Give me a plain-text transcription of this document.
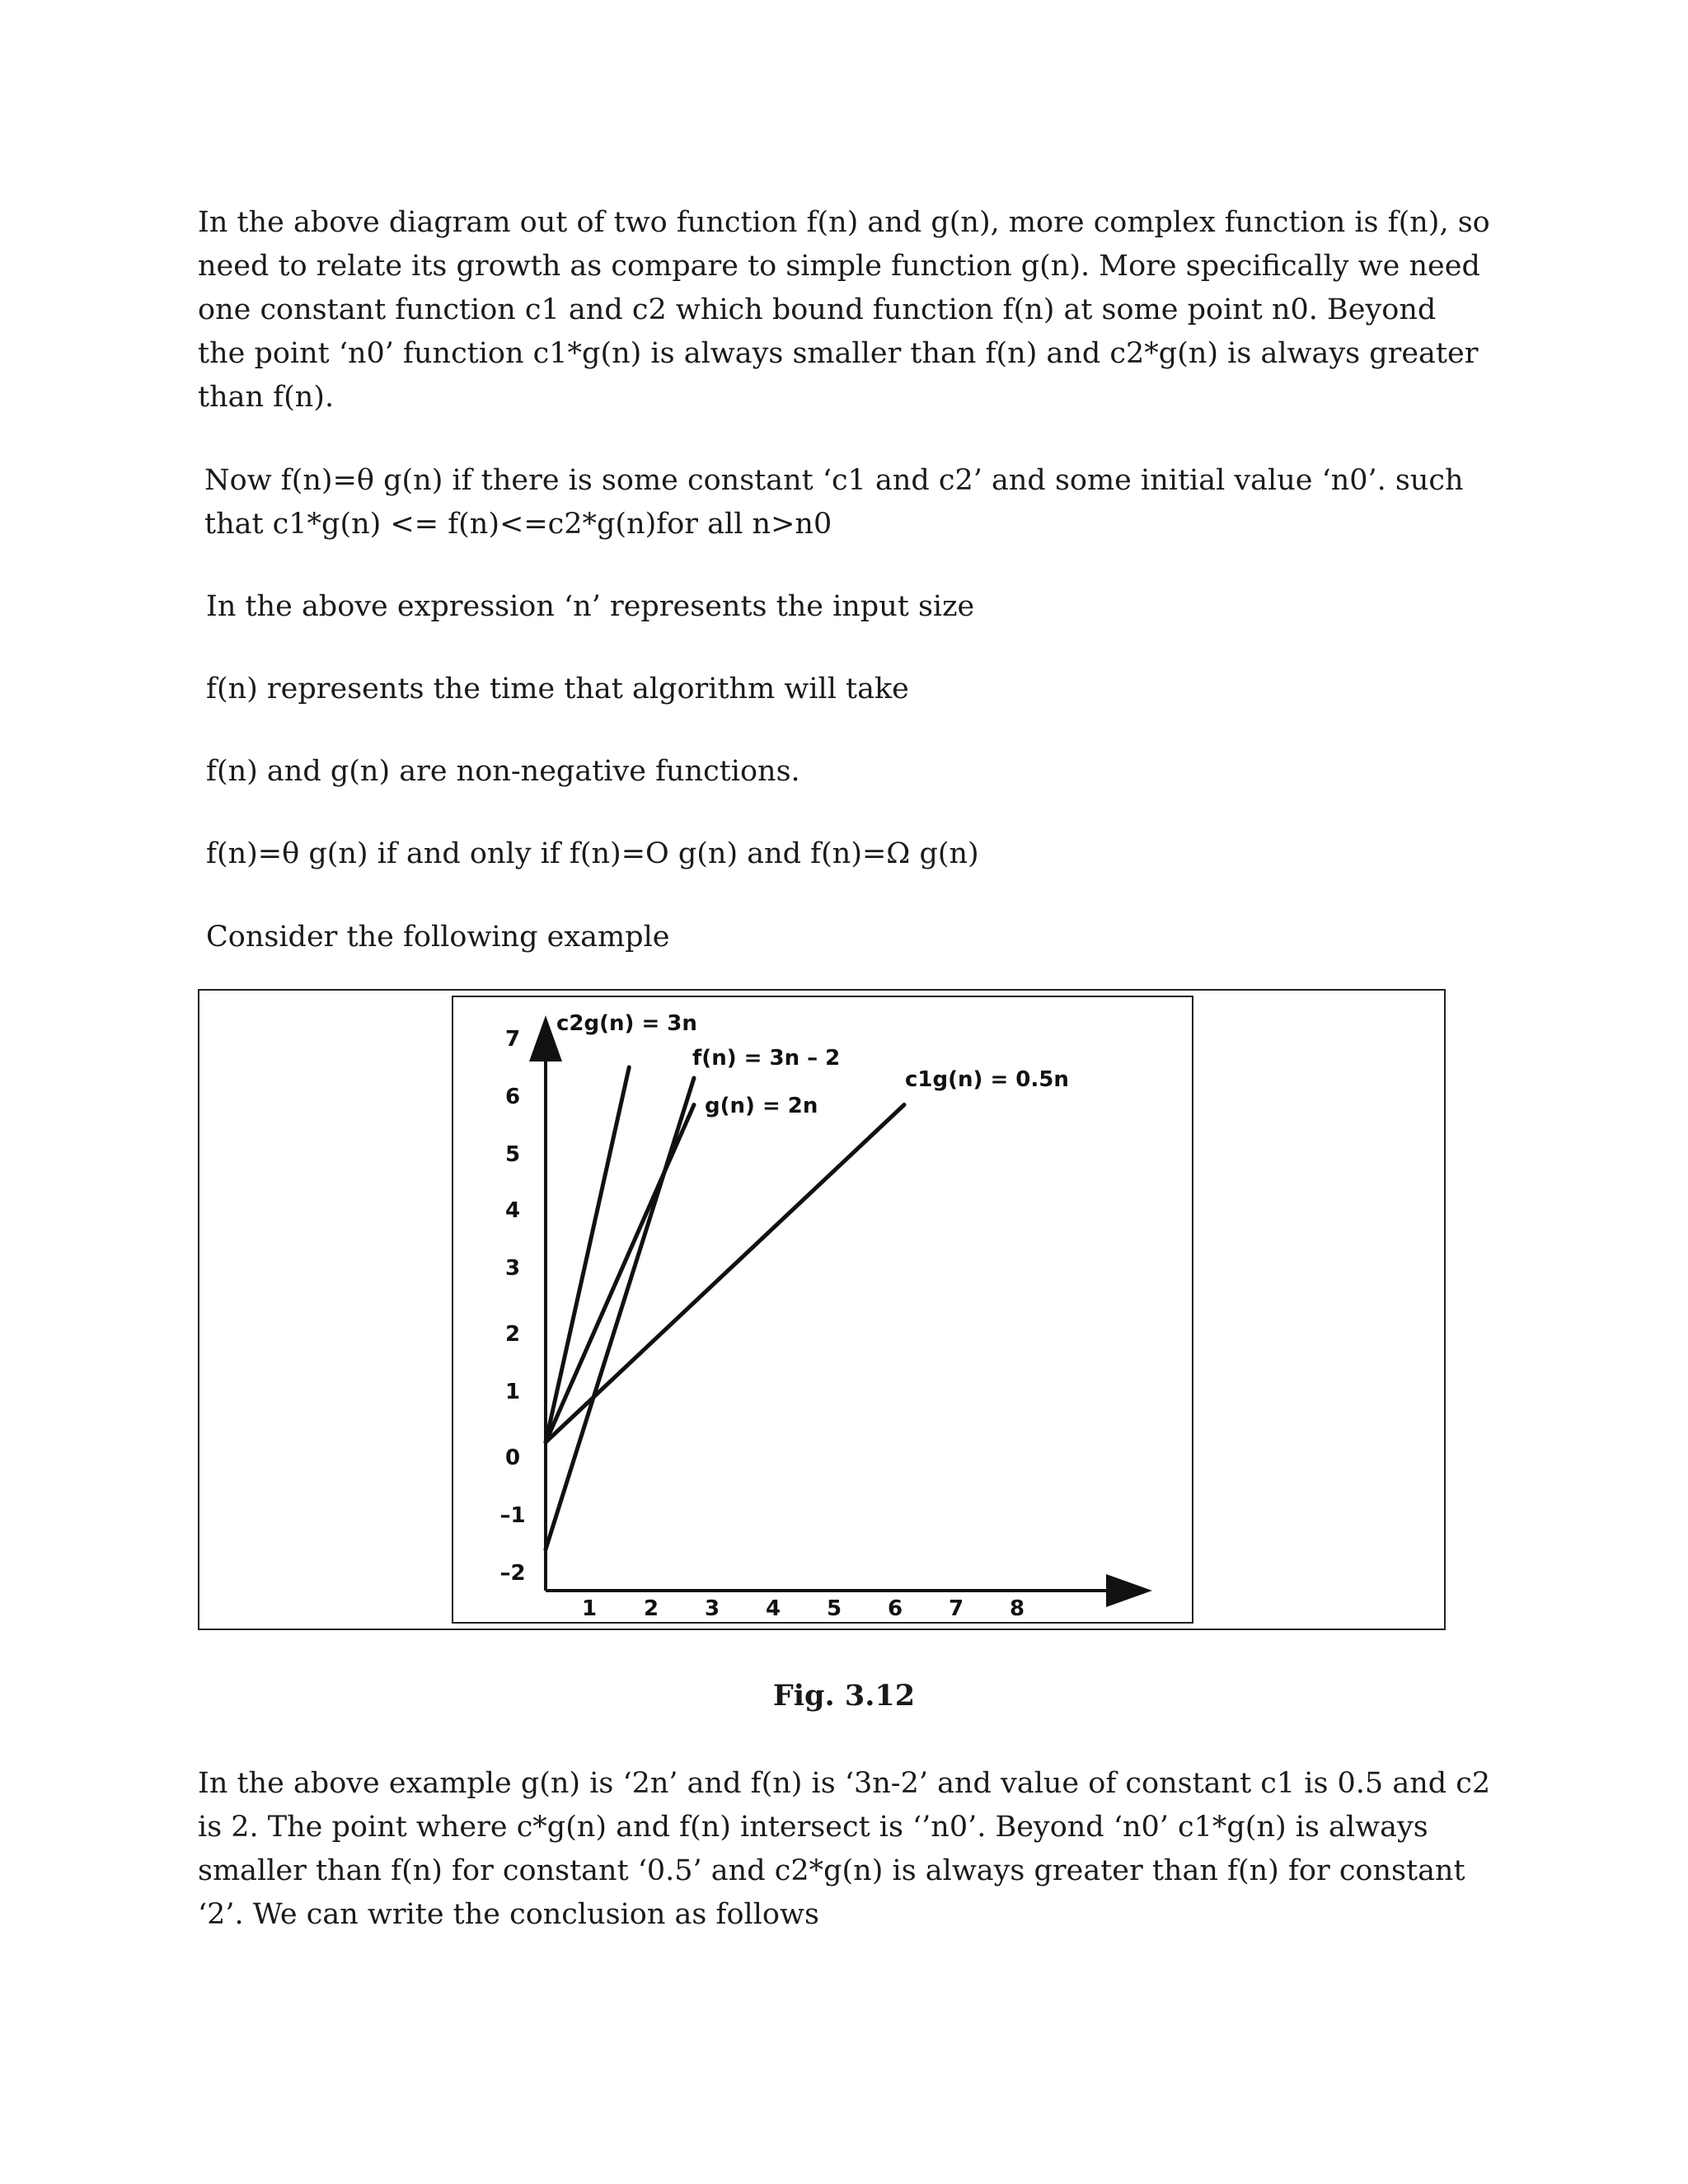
In the above diagram out of two function f(n) and g(n), more complex function is f(n), so need to relate its growth as compare to simple function g(n). More specifically we need one constant function c1 and c2 which bound function f(n) at some point n0. Beyond the point ‘n0’ function c1*g(n) is always smaller than f(n) and c2*g(n) is always greater than f(n).

Now f(n)=θ g(n) if there is some constant ‘c1 and c2’ and some initial value ‘n0’. such that c1*g(n) <= f(n)<=c2*g(n)for all n>n0

In the above expression ‘n’ represents the input size

f(n) represents the time that algorithm will take

f(n) and g(n) are non-negative functions.

f(n)=θ g(n) if and only if f(n)=O g(n) and f(n)=Ω g(n)

Consider the following example

7
6
5
4
3
2
1
0
–1
–2
1 2 3 4 5 6 7 8
c2g(n) = 3n
f(n) = 3n – 2
g(n) = 2n
c1g(n) = 0.5n

Fig. 3.12

In the above example g(n) is ‘2n’ and f(n) is ‘3n-2’ and value of constant c1 is 0.5 and c2 is 2. The point where c*g(n) and f(n) intersect is ‘’n0’. Beyond ‘n0’ c1*g(n) is always smaller than f(n) for constant ‘0.5’ and c2*g(n) is always greater than f(n) for constant ‘2’. We can write the conclusion as follows
